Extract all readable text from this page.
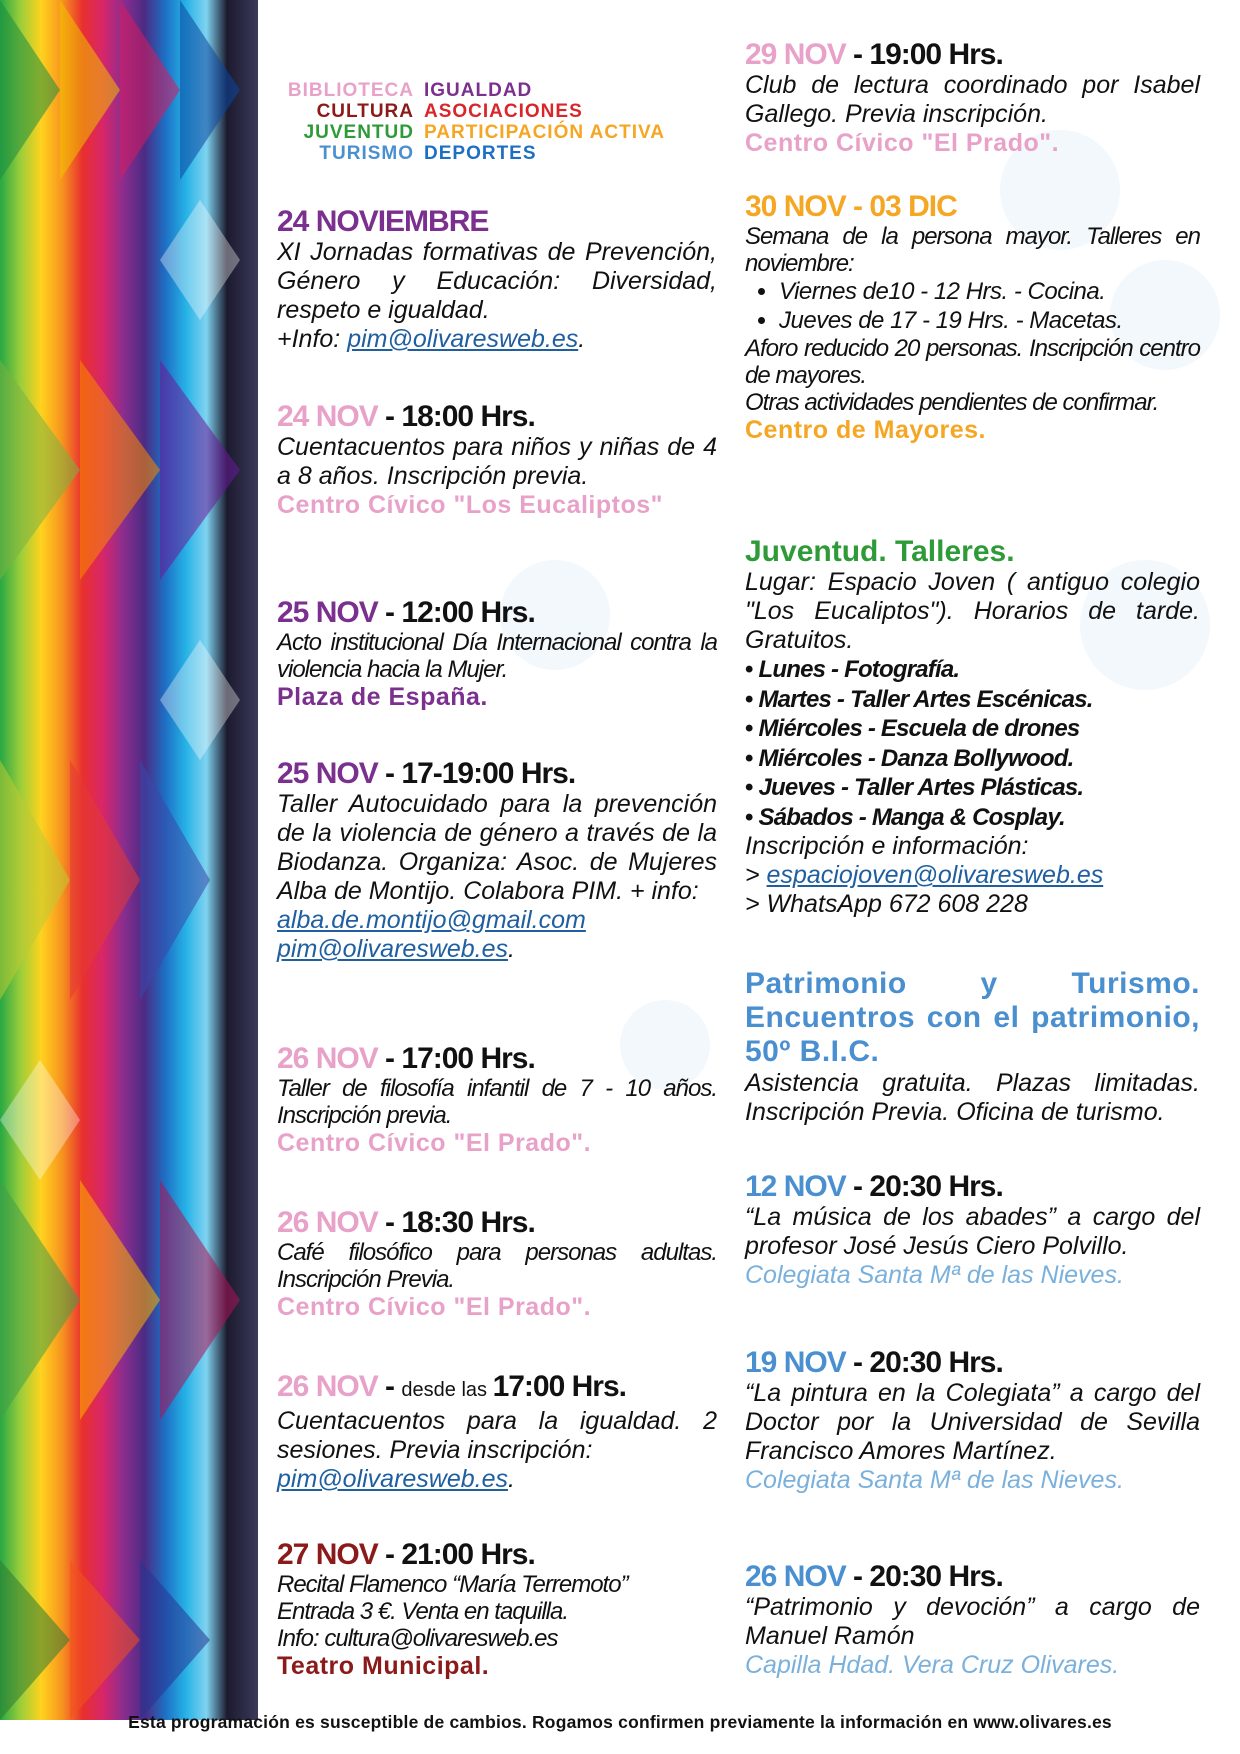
BIBLIOTECA IGUALDAD
CULTURA ASOCIACIONES
JUVENTUD PARTICIPACIÓN ACTIVA
TURISMO DEPORTES
24 NOVIEMBRE
XI Jornadas formativas de Prevención, Género y Educación: Diversidad, respeto e igualdad.
+Info: pim@olivaresweb.es.
24 NOV - 18:00 Hrs.
Cuentacuentos para niños y niñas de 4 a 8 años. Inscripción previa.
Centro Cívico "Los Eucaliptos"
25 NOV - 12:00 Hrs.
Acto institucional Día Internacional contra la violencia hacia la Mujer.
Plaza de España.
25 NOV - 17-19:00 Hrs.
Taller Autocuidado para la prevención de la violencia de género a través de la Biodanza. Organiza: Asoc. de Mujeres Alba de Montijo. Colabora PIM. + info:
alba.de.montijo@gmail.com
pim@olivaresweb.es.
26 NOV - 17:00 Hrs.
Taller de filosofía infantil de 7 - 10 años. Inscripción previa.
Centro Cívico "El Prado".
26 NOV - 18:30 Hrs.
Café filosófico para personas adultas. Inscripción Previa.
Centro Cívico "El Prado".
26 NOV - desde las 17:00 Hrs.
Cuentacuentos para la igualdad. 2 sesiones. Previa inscripción:
pim@olivaresweb.es.
27 NOV - 21:00 Hrs.
Recital Flamenco “María Terremoto”
Entrada 3 €. Venta en taquilla.
Info: cultura@olivaresweb.es
Teatro Municipal.
29 NOV - 19:00 Hrs.
Club de lectura coordinado por Isabel Gallego. Previa inscripción.
Centro Cívico "El Prado".
30 NOV - 03 DIC
Semana de la persona mayor. Talleres en noviembre:
• Viernes de10 - 12 Hrs. - Cocina.
• Jueves de 17 - 19 Hrs. - Macetas.
Aforo reducido 20 personas. Inscripción centro de mayores.
Otras actividades pendientes de confirmar.
Centro de Mayores.
Juventud. Talleres.
Lugar: Espacio Joven ( antiguo colegio "Los Eucaliptos"). Horarios de tarde. Gratuitos.
• Lunes - Fotografía.
• Martes - Taller Artes Escénicas.
• Miércoles - Escuela de drones
• Miércoles - Danza Bollywood.
• Jueves - Taller Artes Plásticas.
• Sábados - Manga & Cosplay.
Inscripción e información:
> espaciojoven@olivaresweb.es
> WhatsApp 672 608 228
Patrimonio y Turismo. Encuentros con el patrimonio, 50º B.I.C.
Asistencia gratuita. Plazas limitadas. Inscripción Previa. Oficina de turismo.
12 NOV - 20:30 Hrs.
“La música de los abades” a cargo del profesor José Jesús Ciero Polvillo.
Colegiata Santa Mª de las Nieves.
19 NOV - 20:30 Hrs.
“La pintura en la Colegiata” a cargo del Doctor por la Universidad de Sevilla Francisco Amores Martínez.
Colegiata Santa Mª de las Nieves.
26 NOV - 20:30 Hrs.
“Patrimonio y devoción” a cargo de Manuel Ramón
Capilla Hdad. Vera Cruz Olivares.
Esta programación es susceptible de cambios. Rogamos confirmen previamente la información en www.olivares.es
